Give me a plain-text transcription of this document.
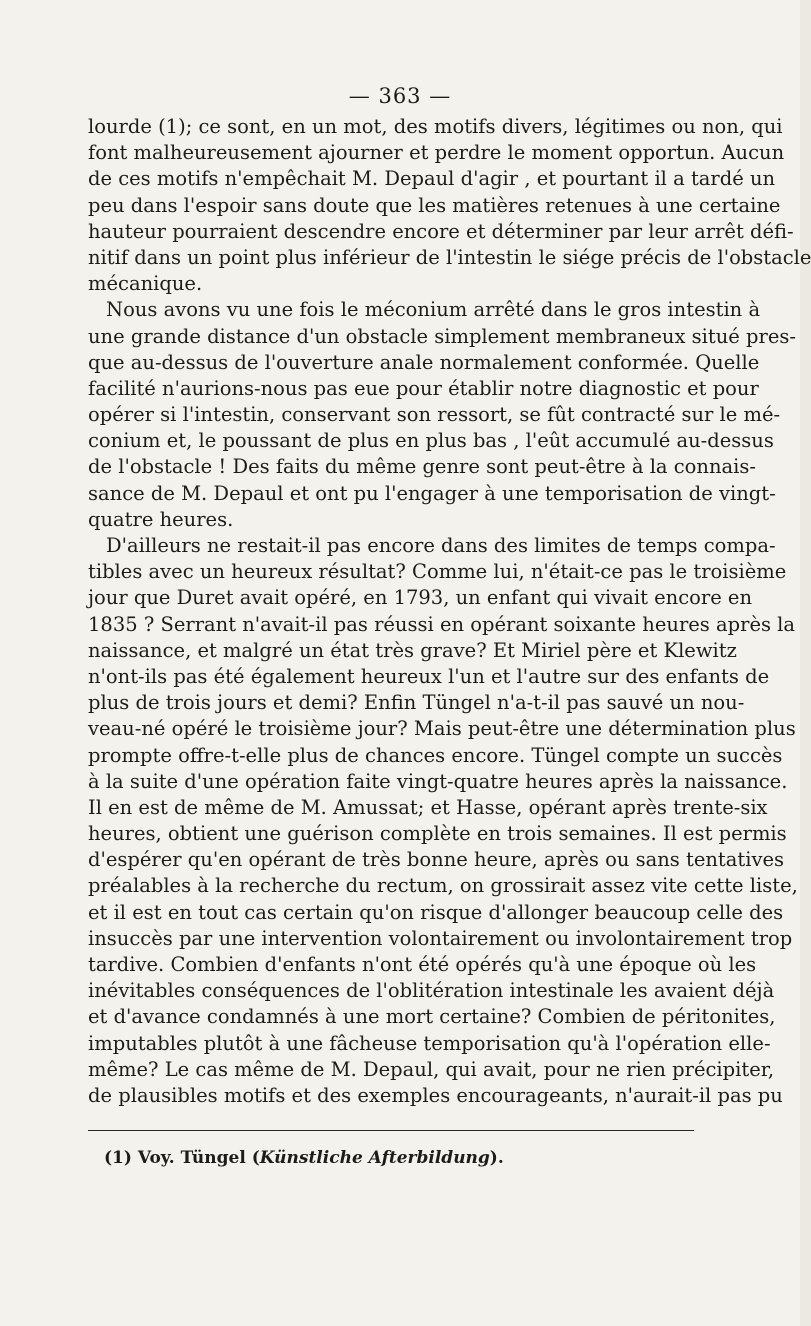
— 363 —
lourde (1); ce sont, en un mot, des motifs divers, légitimes ou non, qui
font malheureusement ajourner et perdre le moment opportun. Aucun
de ces motifs n'empêchait M. Depaul d'agir , et pourtant il a tardé un
peu dans l'espoir sans doute que les matières retenues à une certaine
hauteur pourraient descendre encore et déterminer par leur arrêt défi-
nitif dans un point plus inférieur de l'intestin le siége précis de l'obstacle
mécanique.
Nous avons vu une fois le méconium arrêté dans le gros intestin à
une grande distance d'un obstacle simplement membraneux situé pres-
que au-dessus de l'ouverture anale normalement conformée. Quelle
facilité n'aurions-nous pas eue pour établir notre diagnostic et pour
opérer si l'intestin, conservant son ressort, se fût contracté sur le mé-
conium et, le poussant de plus en plus bas , l'eût accumulé au-dessus
de l'obstacle ! Des faits du même genre sont peut-être à la connais-
sance de M. Depaul et ont pu l'engager à une temporisation de vingt-
quatre heures.
D'ailleurs ne restait-il pas encore dans des limites de temps compa-
tibles avec un heureux résultat? Comme lui, n'était-ce pas le troisième
jour que Duret avait opéré, en 1793, un enfant qui vivait encore en
1835 ? Serrant n'avait-il pas réussi en opérant soixante heures après la
naissance, et malgré un état très grave? Et Miriel père et Klewitz
n'ont-ils pas été également heureux l'un et l'autre sur des enfants de
plus de trois jours et demi? Enfin Tüngel n'a-t-il pas sauvé un nou-
veau-né opéré le troisième jour? Mais peut-être une détermination plus
prompte offre-t-elle plus de chances encore. Tüngel compte un succès
à la suite d'une opération faite vingt-quatre heures après la naissance.
Il en est de même de M. Amussat; et Hasse, opérant après trente-six
heures, obtient une guérison complète en trois semaines. Il est permis
d'espérer qu'en opérant de très bonne heure, après ou sans tentatives
préalables à la recherche du rectum, on grossirait assez vite cette liste,
et il est en tout cas certain qu'on risque d'allonger beaucoup celle des
insuccès par une intervention volontairement ou involontairement trop
tardive. Combien d'enfants n'ont été opérés qu'à une époque où les
inévitables conséquences de l'oblitération intestinale les avaient déjà
et d'avance condamnés à une mort certaine? Combien de péritonites,
imputables plutôt à une fâcheuse temporisation qu'à l'opération elle-
même? Le cas même de M. Depaul, qui avait, pour ne rien précipiter,
de plausibles motifs et des exemples encourageants, n'aurait-il pas pu
(1) Voy. Tüngel (Künstliche Afterbildung).
